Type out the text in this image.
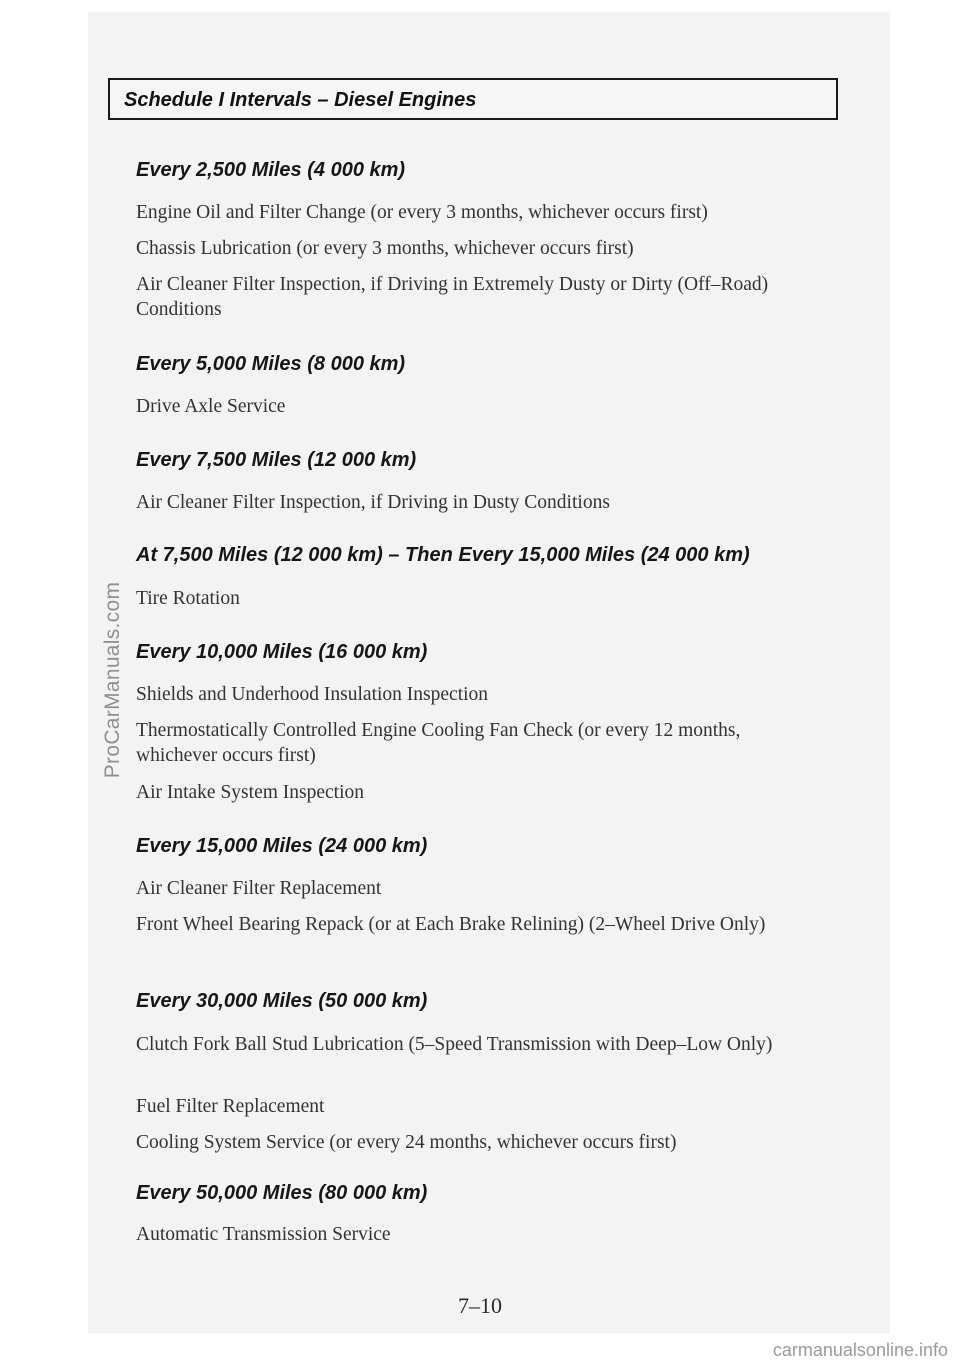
Schedule I Intervals – Diesel Engines
Every 2,500 Miles (4 000 km)
Engine Oil and Filter Change (or every 3 months, whichever occurs first)
Chassis Lubrication (or every 3 months, whichever occurs first)
Air Cleaner Filter Inspection, if Driving in Extremely Dusty or Dirty (Off–Road) Conditions
Every 5,000 Miles (8 000 km)
Drive Axle Service
Every 7,500 Miles (12 000 km)
Air Cleaner Filter Inspection, if Driving in Dusty Conditions
At 7,500 Miles (12 000 km) – Then Every 15,000 Miles (24 000 km)
Tire Rotation
Every 10,000 Miles (16 000 km)
Shields and Underhood Insulation Inspection
Thermostatically Controlled Engine Cooling Fan Check (or every 12 months, whichever occurs first)
Air Intake System Inspection
Every 15,000 Miles (24 000 km)
Air Cleaner Filter Replacement
Front Wheel Bearing Repack (or at Each Brake Relining) (2–Wheel Drive Only)
Every 30,000 Miles (50 000 km)
Clutch Fork Ball Stud Lubrication (5–Speed Transmission with Deep–Low Only)
Fuel Filter Replacement
Cooling System Service (or every 24 months, whichever occurs first)
Every 50,000 Miles (80 000 km)
Automatic Transmission Service
7–10
ProCarManuals.com
carmanualsonline.info
